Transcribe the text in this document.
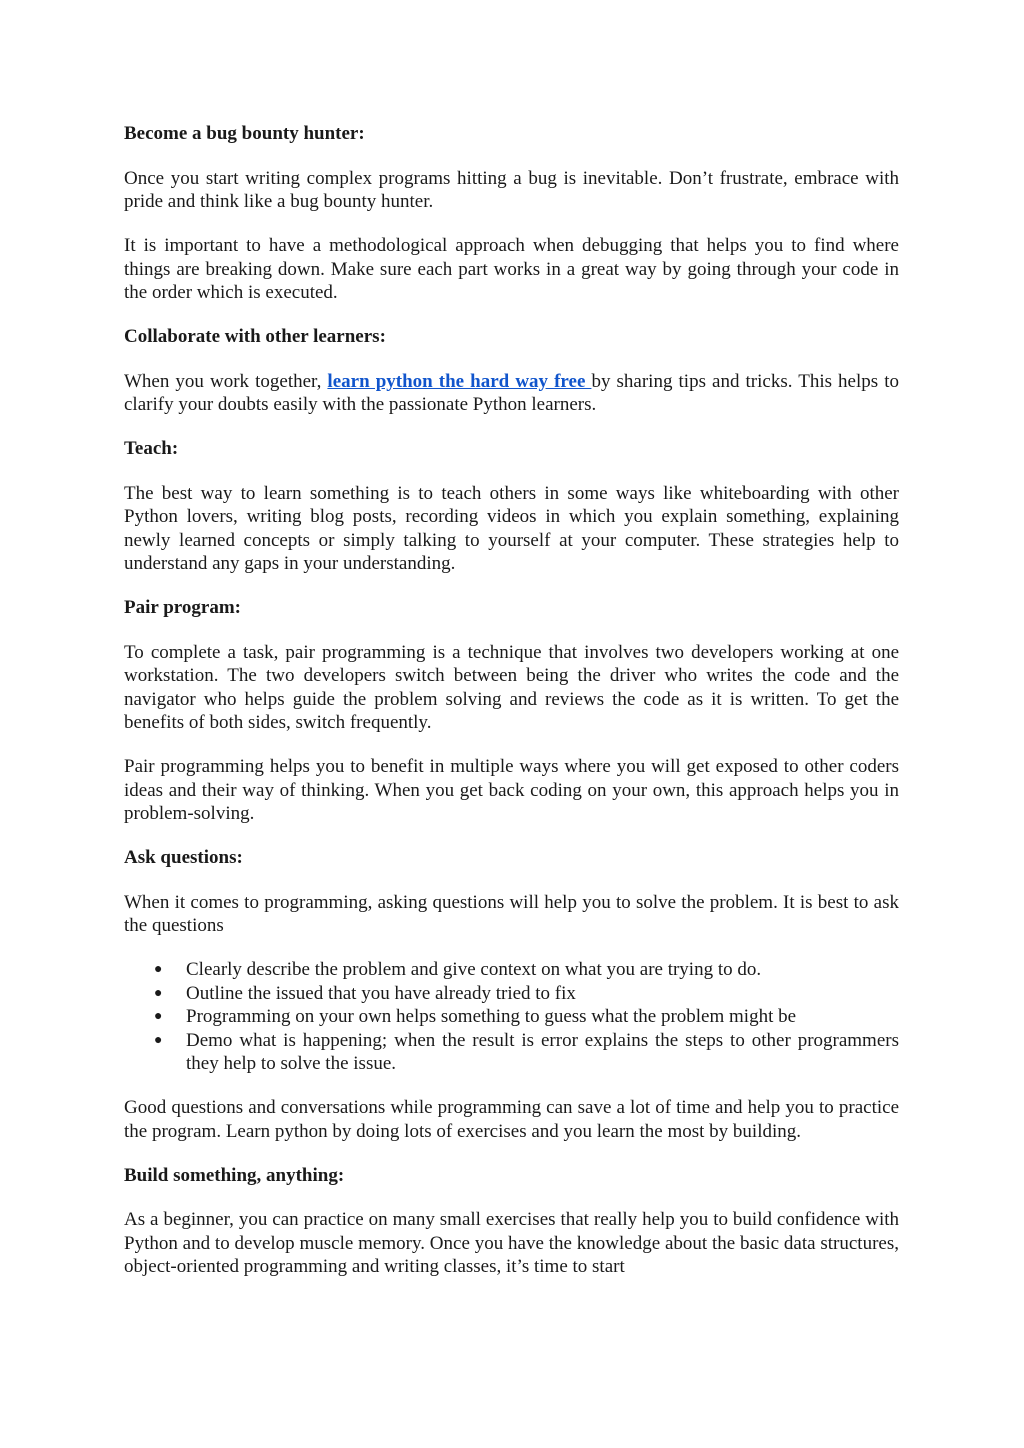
Become a bug bounty hunter:

Once you start writing complex programs hitting a bug is inevitable. Don’t frustrate, embrace with pride and think like a bug bounty hunter.

It is important to have a methodological approach when debugging that helps you to find where things are breaking down. Make sure each part works in a great way by going through your code in the order which is executed.

Collaborate with other learners:

When you work together, learn python the hard way free by sharing tips and tricks. This helps to clarify your doubts easily with the passionate Python learners.

Teach:

The best way to learn something is to teach others in some ways like whiteboarding with other Python lovers, writing blog posts, recording videos in which you explain something, explaining newly learned concepts or simply talking to yourself at your computer. These strategies help to understand any gaps in your understanding.

Pair program:

To complete a task, pair programming is a technique that involves two developers working at one workstation. The two developers switch between being the driver who writes the code and the navigator who helps guide the problem solving and reviews the code as it is written. To get the benefits of both sides, switch frequently.

Pair programming helps you to benefit in multiple ways where you will get exposed to other coders ideas and their way of thinking. When you get back coding on your own, this approach helps you in problem-solving.

Ask questions:

When it comes to programming, asking questions will help you to solve the problem. It is best to ask the questions

● Clearly describe the problem and give context on what you are trying to do.
● Outline the issued that you have already tried to fix
● Programming on your own helps something to guess what the problem might be
● Demo what is happening; when the result is error explains the steps to other programmers they help to solve the issue.

Good questions and conversations while programming can save a lot of time and help you to practice the program. Learn python by doing lots of exercises and you learn the most by building.

Build something, anything:

As a beginner, you can practice on many small exercises that really help you to build confidence with Python and to develop muscle memory. Once you have the knowledge about the basic data structures, object-oriented programming and writing classes, it’s time to start
